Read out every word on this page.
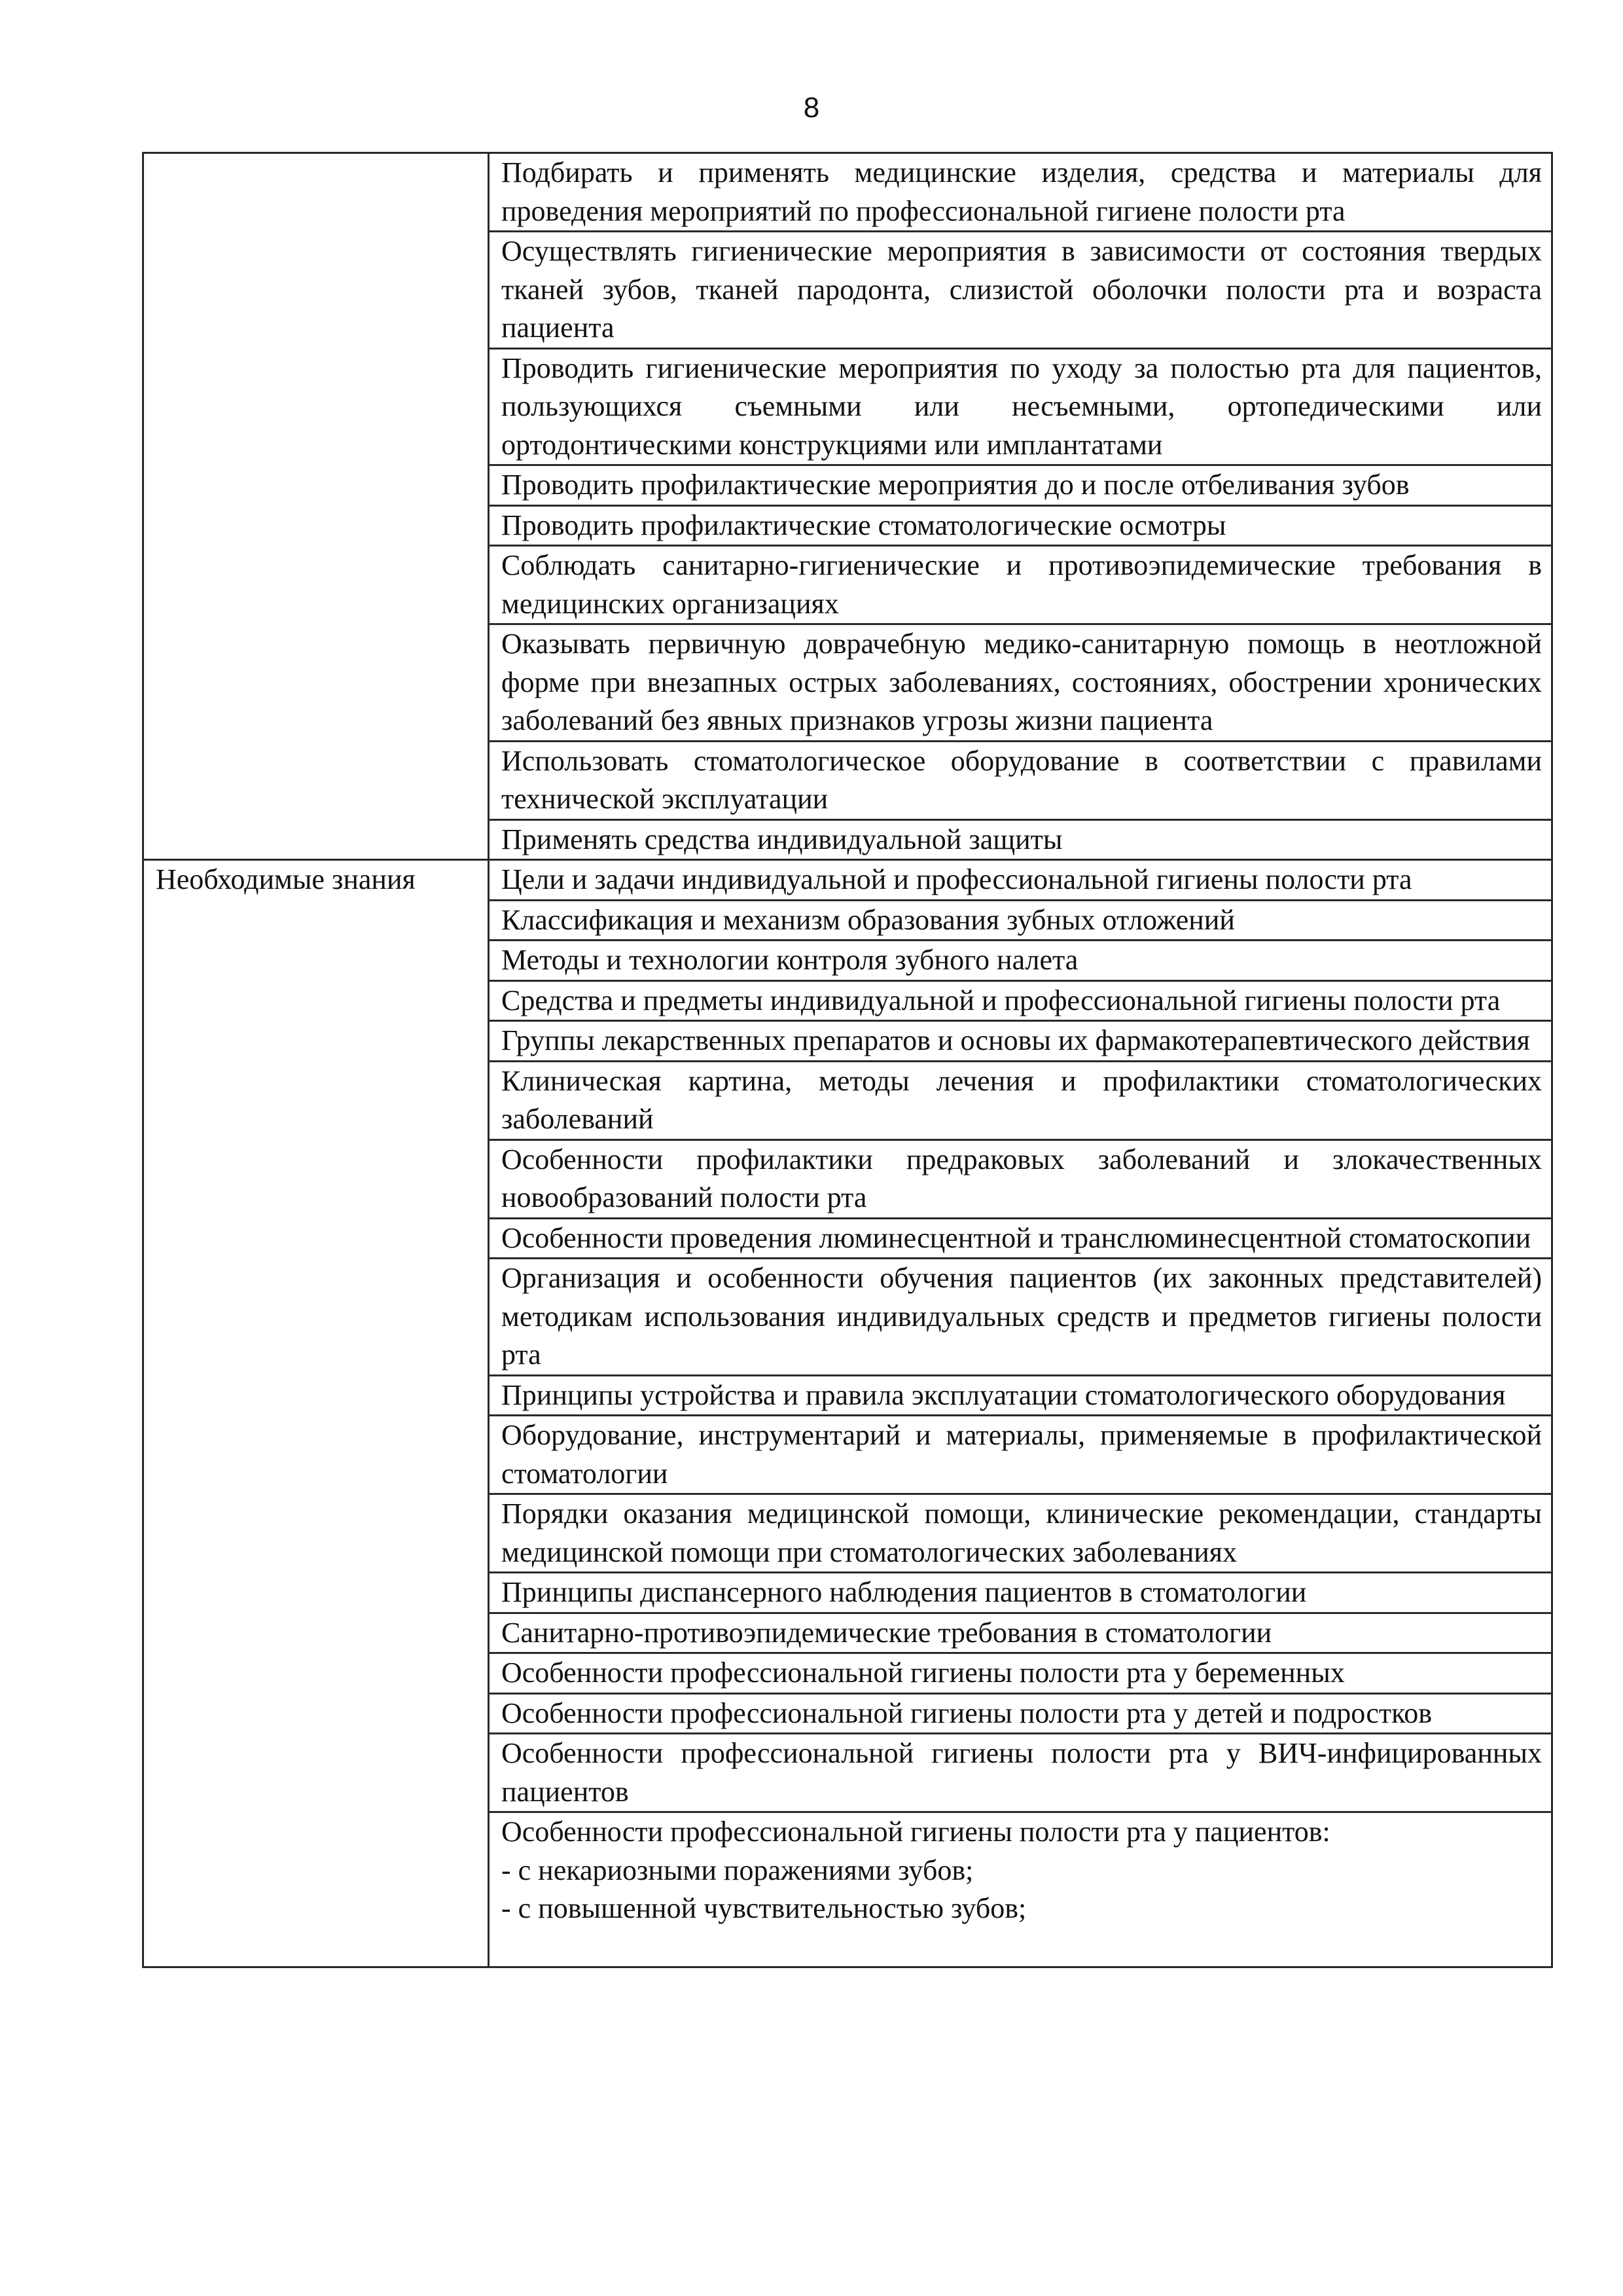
8
	Подбирать и применять медицинские изделия, средства и материалы для проведения мероприятий по профессиональной гигиене полости рта
	Осуществлять гигиенические мероприятия в зависимости от состояния твердых тканей зубов, тканей пародонта, слизистой оболочки полости рта и возраста пациента
	Проводить гигиенические мероприятия по уходу за полостью рта для пациентов, пользующихся съемными или несъемными, ортопедическими или ортодонтическими конструкциями или имплантатами
	Проводить профилактические мероприятия до и после отбеливания зубов
	Проводить профилактические стоматологические осмотры
	Соблюдать санитарно-гигиенические и противоэпидемические требования в медицинских организациях
	Оказывать первичную доврачебную медико-санитарную помощь в неотложной форме при внезапных острых заболеваниях, состояниях, обострении хронических заболеваний без явных признаков угрозы жизни пациента
	Использовать стоматологическое оборудование в соответствии с правилами технической эксплуатации
	Применять средства индивидуальной защиты
Необходимые знания	Цели и задачи индивидуальной и профессиональной гигиены полости рта
	Классификация и механизм образования зубных отложений
	Методы и технологии контроля зубного налета
	Средства и предметы индивидуальной и профессиональной гигиены полости рта
	Группы лекарственных препаратов и основы их фармакотерапевтического действия
	Клиническая картина, методы лечения и профилактики стоматологических заболеваний
	Особенности профилактики предраковых заболеваний и злокачественных новообразований полости рта
	Особенности проведения люминесцентной и транслюминесцентной стоматоскопии
	Организация и особенности обучения пациентов (их законных представителей) методикам использования индивидуальных средств и предметов гигиены полости рта
	Принципы устройства и правила эксплуатации стоматологического оборудования
	Оборудование, инструментарий и материалы, применяемые в профилактической стоматологии
	Порядки оказания медицинской помощи, клинические рекомендации, стандарты медицинской помощи при стоматологических заболеваниях
	Принципы диспансерного наблюдения пациентов в стоматологии
	Санитарно-противоэпидемические требования в стоматологии
	Особенности профессиональной гигиены полости рта у беременных
	Особенности профессиональной гигиены полости рта у детей и подростков
	Особенности профессиональной гигиены полости рта у ВИЧ-инфицированных пациентов

	Особенности профессиональной гигиены полости рта у пациентов:
- с некариозными поражениями зубов;
- с повышенной чувствительностью зубов;
